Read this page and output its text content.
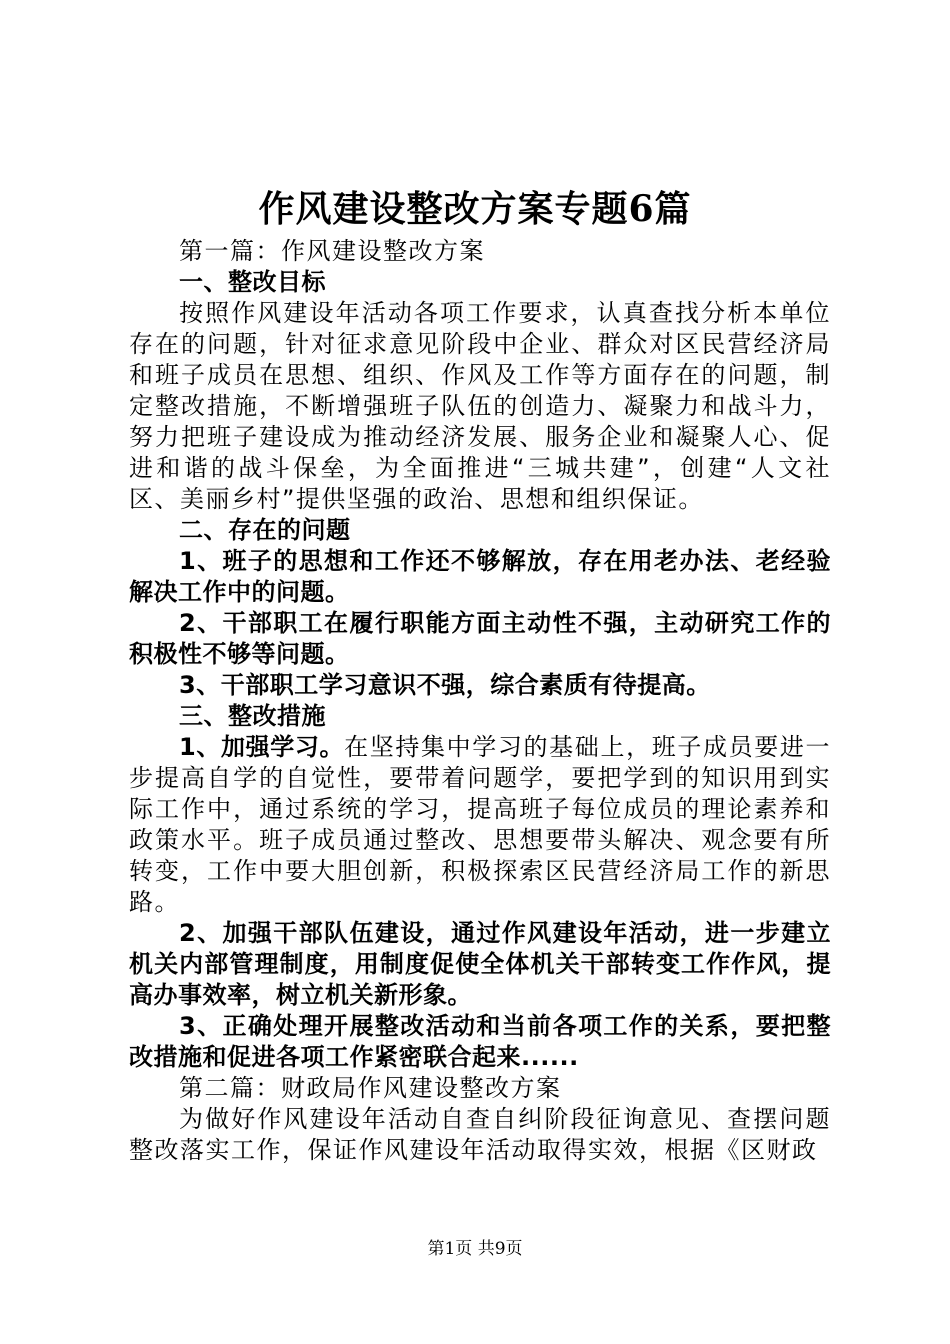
作风建设整改方案专题6篇

第一篇：作风建设整改方案

一、整改目标

按照作风建设年活动各项工作要求，认真查找分析本单位存在的问题，针对征求意见阶段中企业、群众对区民营经济局和班子成员在思想、组织、作风及工作等方面存在的问题，制定整改措施，不断增强班子队伍的创造力、凝聚力和战斗力，努力把班子建设成为推动经济发展、服务企业和凝聚人心、促进和谐的战斗保垒，为全面推进“三城共建”，创建“人文社区、美丽乡村”提供坚强的政治、思想和组织保证。

二、存在的问题

1、班子的思想和工作还不够解放，存在用老办法、老经验解决工作中的问题。

2、干部职工在履行职能方面主动性不强，主动研究工作的积极性不够等问题。

3、干部职工学习意识不强，综合素质有待提高。

三、整改措施

1、加强学习。在坚持集中学习的基础上，班子成员要进一步提高自学的自觉性，要带着问题学，要把学到的知识用到实际工作中，通过系统的学习，提高班子每位成员的理论素养和政策水平。班子成员通过整改、思想要带头解决、观念要有所转变，工作中要大胆创新，积极探索区民营经济局工作的新思路。

2、加强干部队伍建设，通过作风建设年活动，进一步建立机关内部管理制度，用制度促使全体机关干部转变工作作风，提高办事效率，树立机关新形象。

3、正确处理开展整改活动和当前各项工作的关系，要把整改措施和促进各项工作紧密联合起来......

第二篇：财政局作风建设整改方案

为做好作风建设年活动自查自纠阶段征询意见、查摆问题整改落实工作，保证作风建设年活动取得实效，根据《区财政

第1页 共9页
